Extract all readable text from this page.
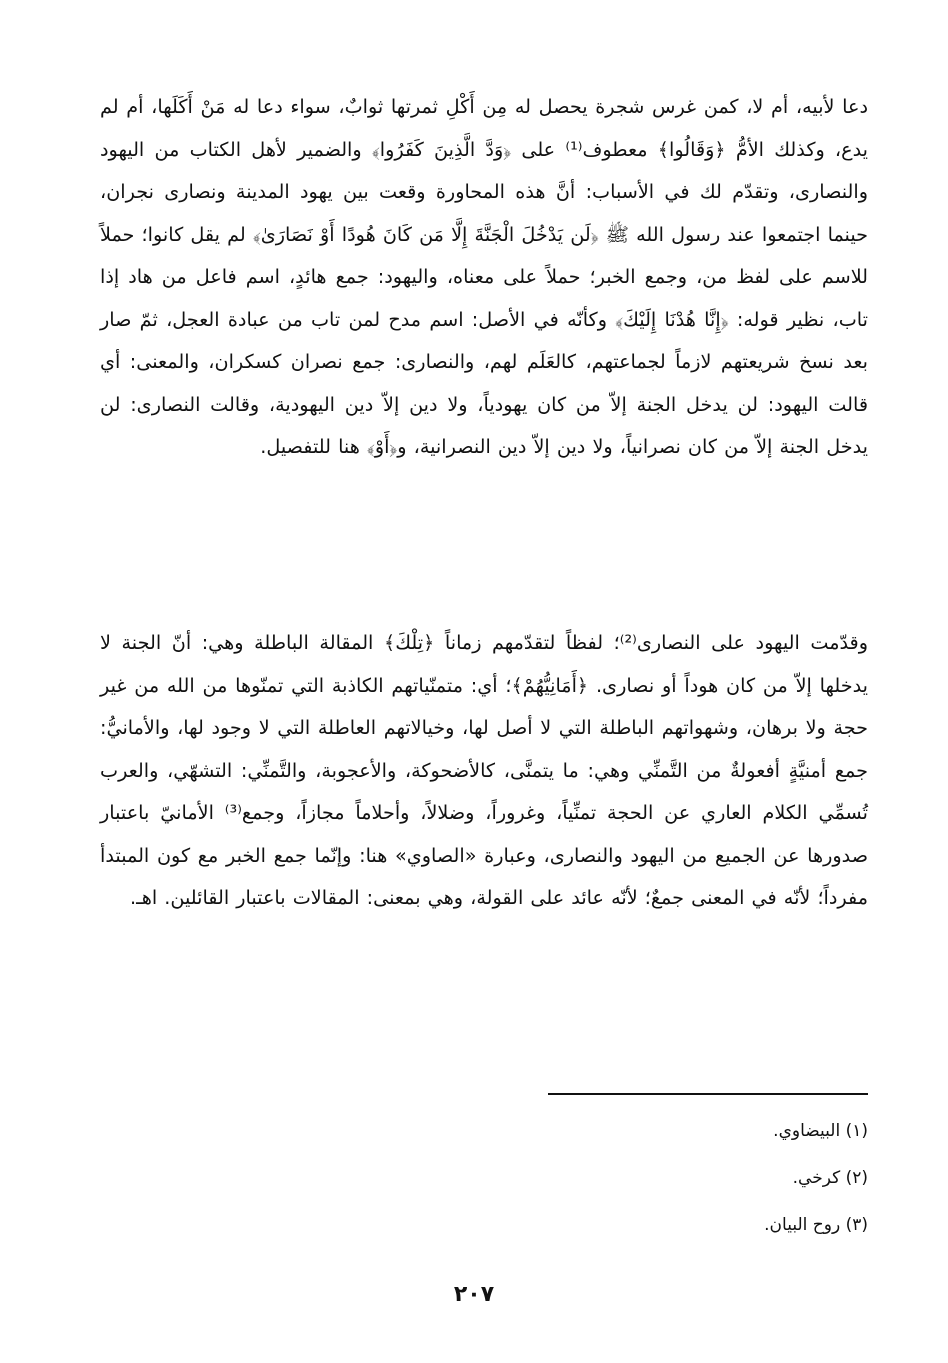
دعا لأبيه، أم لا، كمن غرس شجرة يحصل له مِن أَكْلِ ثمرتها ثوابٌ، سواء دعا له مَنْ أَكَلَها، أم لم يدع، وكذلك الأمُّ ﴿وَقَالُوا﴾ معطوف⁽¹⁾ على ﴿وَدَّ الَّذِينَ كَفَرُوا﴾ والضمير لأهل الكتاب من اليهود والنصارى، وتقدّم لك في الأسباب: أنَّ هذه المحاورة وقعت بين يهود المدينة ونصارى نجران، حينما اجتمعوا عند رسول الله ﷺ ﴿لَن يَدْخُلَ الْجَنَّةَ إِلَّا مَن كَانَ هُودًا أَوْ نَصَارَىٰ﴾ لم يقل كانوا؛ حملاً للاسم على لفظ من، وجمع الخبر؛ حملاً على معناه، واليهود: جمع هائدٍ، اسم فاعل من هاد إذا تاب، نظير قوله: ﴿إِنَّا هُدْنَا إِلَيْكَ﴾ وكأنّه في الأصل: اسم مدح لمن تاب من عبادة العجل، ثمّ صار بعد نسخ شريعتهم لازماً لجماعتهم، كالعَلَم لهم، والنصارى: جمع نصران كسكران، والمعنى: أي قالت اليهود: لن يدخل الجنة إلاّ من كان يهودياً، ولا دين إلاّ دين اليهودية، وقالت النصارى: لن يدخل الجنة إلاّ من كان نصرانياً، ولا دين إلاّ دين النصرانية، و﴿أَوْ﴾ هنا للتفصيل.

وقدّمت اليهود على النصارى⁽²⁾؛ لفظاً لتقدّمهم زماناً ﴿تِلْكَ﴾ المقالة الباطلة وهي: أنّ الجنة لا يدخلها إلاّ من كان هوداً أو نصارى. ﴿أَمَانِيُّهُمْ﴾؛ أي: متمنّياتهم الكاذبة التي تمنّوها من الله من غير حجة ولا برهان، وشهواتهم الباطلة التي لا أصل لها، وخيالاتهم العاطلة التي لا وجود لها، والأمانيُّ: جمع أمنيَّةٍ أفعولةٌ من التَّمنِّي وهي: ما يتمنَّى، كالأضحوكة، والأعجوبة، والتَّمنِّي: التشهّي، والعرب تُسمِّي الكلام العاري عن الحجة تمنِّياً، وغروراً، وضلالاً، وأحلاماً مجازاً، وجمع⁽³⁾ الأمانيّ باعتبار صدورها عن الجميع من اليهود والنصارى، وعبارة «الصاوي» هنا: وإنّما جمع الخبر مع كون المبتدأ مفرداً؛ لأنّه في المعنى جمعٌ؛ لأنّه عائد على القولة، وهي بمعنى: المقالات باعتبار القائلين. اهـ.

(١) البيضاوي.
(٢) كرخي.
(٣) روح البيان.
٢٠٧
